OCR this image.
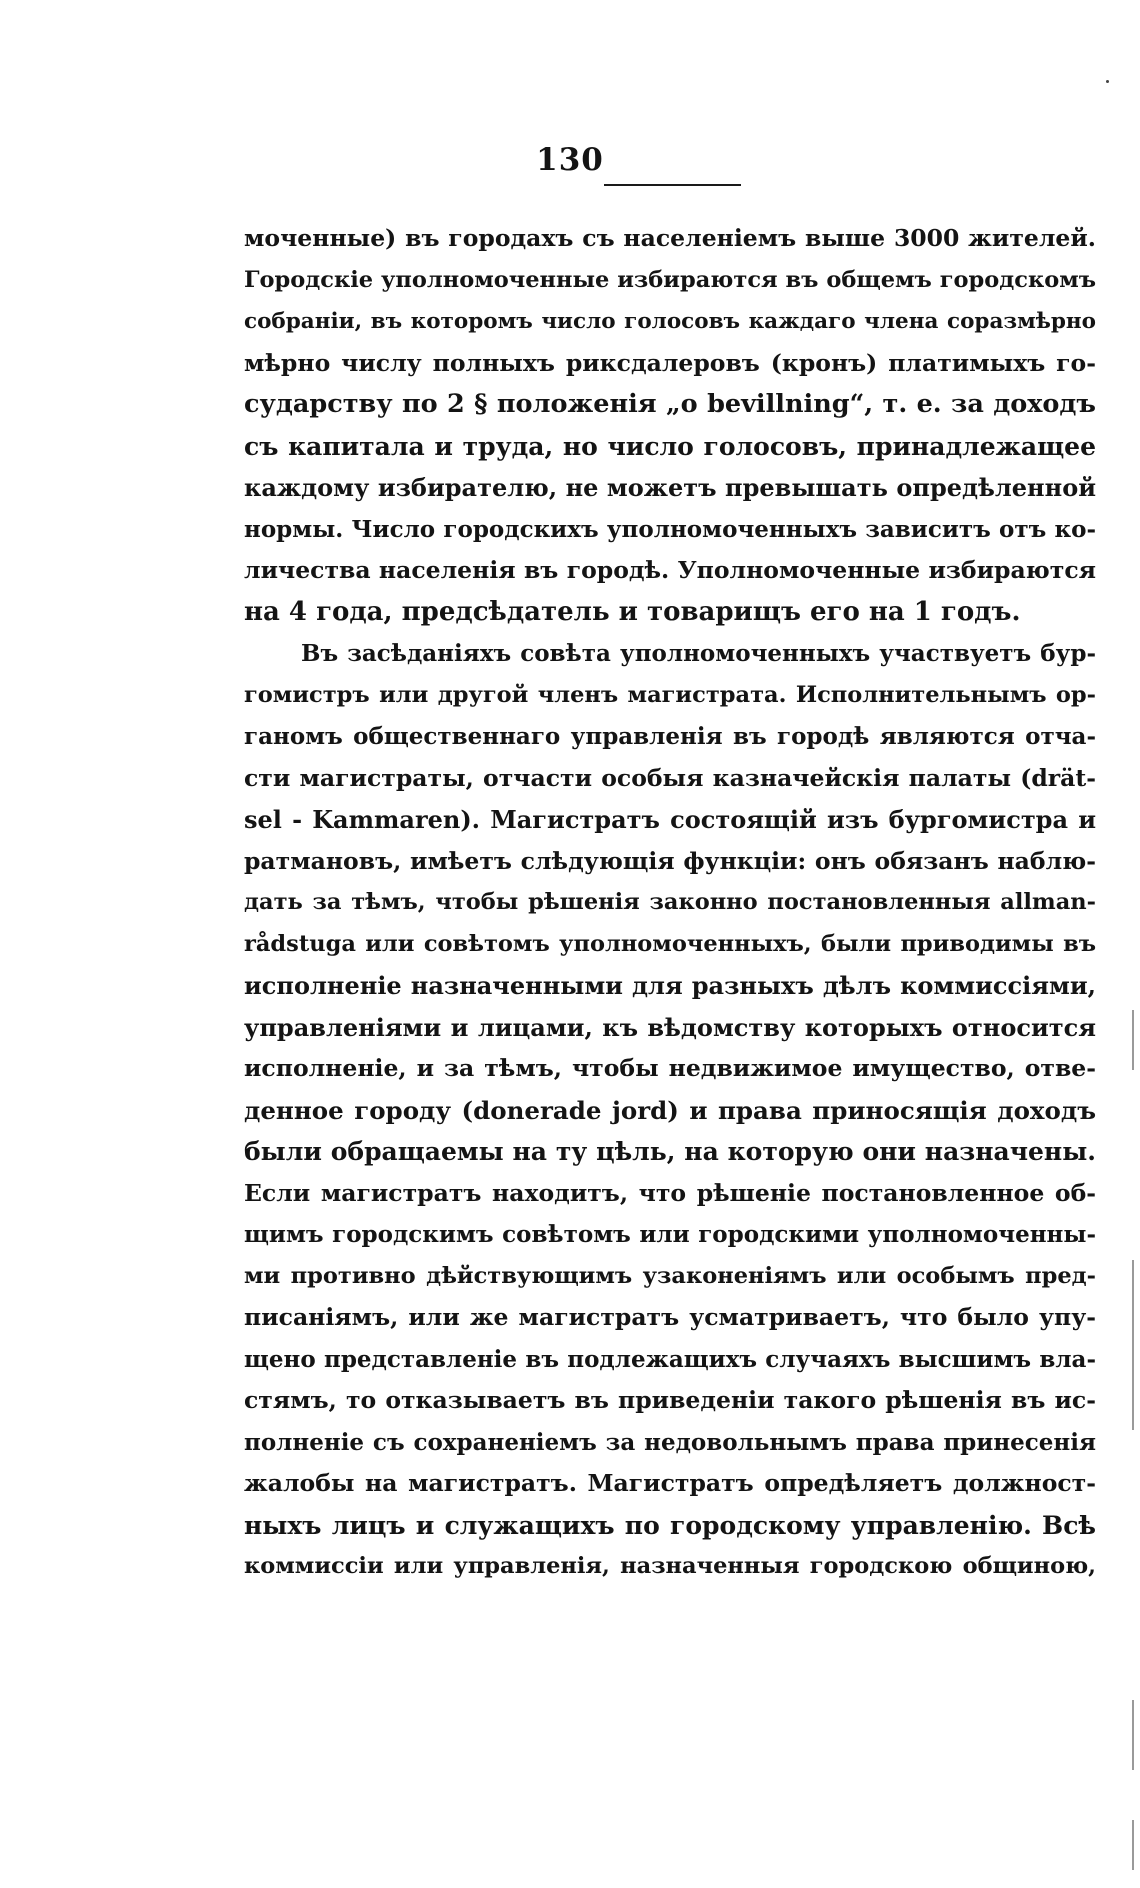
130
моченные) въ городахъ съ населеніемъ выше 3000 жителей.
Городскіе уполномоченные избираются въ общемъ городскомъ
собраніи, въ которомъ число голосовъ каждаго члена соразмѣрно
мѣрно числу полныхъ риксдалеровъ (кронъ) платимыхъ го-
сударству по 2 § положенія „о bevillning“, т. е. за доходъ
съ капитала и труда, но число голосовъ, принадлежащее
каждому избирателю, не можетъ превышать опредѣленной
нормы. Число городскихъ уполномоченныхъ зависитъ отъ ко-
личества населенія въ городѣ. Уполномоченные избираются
на 4 года, предсѣдатель и товарищъ его на 1 годъ.
Въ засѣданіяхъ совѣта уполномоченныхъ участвуетъ бур-
гомистръ или другой членъ магистрата. Исполнительнымъ ор-
ганомъ общественнаго управленія въ городѣ являются отча-
сти магистраты, отчасти особыя казначейскія палаты (drät-
sel - Kammaren). Магистратъ состоящій изъ бургомистра и
ратмановъ, имѣетъ слѣдующія функціи: онъ обязанъ наблю-
дать за тѣмъ, чтобы рѣшенія законно постановленныя allman-
rådstuga или совѣтомъ уполномоченныхъ, были приводимы въ
исполненіе назначенными для разныхъ дѣлъ коммиссіями,
управленіями и лицами, къ вѣдомству которыхъ относится
исполненіе, и за тѣмъ, чтобы недвижимое имущество, отве-
денное городу (donerade jord) и права приносящія доходъ
были обращаемы на ту цѣль, на которую они назначены.
Если магистратъ находитъ, что рѣшеніе постановленное об-
щимъ городскимъ совѣтомъ или городскими уполномоченны-
ми противно дѣйствующимъ узаконеніямъ или особымъ пред-
писаніямъ, или же магистратъ усматриваетъ, что было упу-
щено представленіе въ подлежащихъ случаяхъ высшимъ вла-
стямъ, то отказываетъ въ приведеніи такого рѣшенія въ ис-
полненіе съ сохраненіемъ за недовольнымъ права принесенія
жалобы на магистратъ. Магистратъ опредѣляетъ должност-
ныхъ лицъ и служащихъ по городскому управленію. Всѣ
коммиссіи или управленія, назначенныя городскою общиною,
